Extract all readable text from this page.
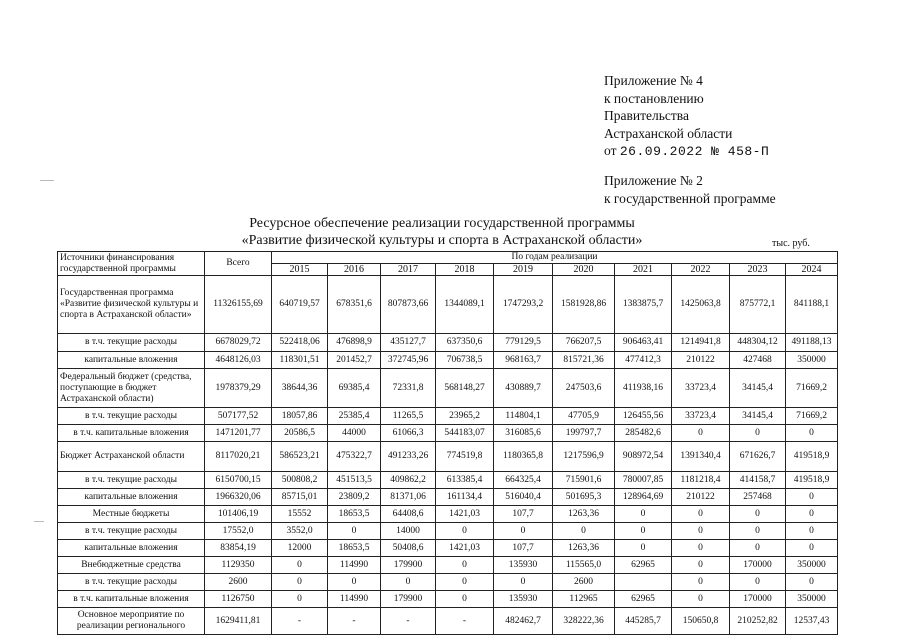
Приложение № 4
к постановлению
Правительства
Астраханской области
от 26.09.2022 № 458-П
Приложение № 2
к государственной программе
Ресурсное обеспечение реализации государственной программы
«Развитие физической культуры и спорта в Астраханской области»	тыс. руб.
Источники финансирования государственной программы	Всего	По годам реализации									
		2015	2016	2017	2018	2019	2020	2021	2022	2023	2024
Государственная программа «Развитие физической культуры и спорта в Астраханской области»	11326155,69	640719,57	678351,6	807873,66	1344089,1	1747293,2	1581928,86	1383875,7	1425063,8	875772,1	841188,1
в т.ч. текущие расходы	6678029,72	522418,06	476898,9	435127,7	637350,6	779129,5	766207,5	906463,41	1214941,8	448304,12	491188,13
капитальные вложения	4648126,03	118301,51	201452,7	372745,96	706738,5	968163,7	815721,36	477412,3	210122	427468	350000
Федеральный бюджет (средства, поступающие в бюджет Астраханской области)	1978379,29	38644,36	69385,4	72331,8	568148,27	430889,7	247503,6	411938,16	33723,4	34145,4	71669,2
в т.ч. текущие расходы	507177,52	18057,86	25385,4	11265,5	23965,2	114804,1	47705,9	126455,56	33723,4	34145,4	71669,2
в т.ч. капитальные вложения	1471201,77	20586,5	44000	61066,3	544183,07	316085,6	199797,7	285482,6	0	0	0
Бюджет Астраханской области	8117020,21	586523,21	475322,7	491233,26	774519,8	1180365,8	1217596,9	908972,54	1391340,4	671626,7	419518,9
в т.ч. текущие расходы	6150700,15	500808,2	451513,5	409862,2	613385,4	664325,4	715901,6	780007,85	1181218,4	414158,7	419518,9
капитальные вложения	1966320,06	85715,01	23809,2	81371,06	161134,4	516040,4	501695,3	128964,69	210122	257468	0
Местные бюджеты	101406,19	15552	18653,5	64408,6	1421,03	107,7	1263,36	0	0	0	0
в т.ч. текущие расходы	17552,0	3552,0	0	14000	0	0	0	0	0	0	0
капитальные вложения	83854,19	12000	18653,5	50408,6	1421,03	107,7	1263,36	0	0	0	0
Внебюджетные средства	1129350	0	114990	179900	0	135930	115565,0	62965	0	170000	350000
в т.ч. текущие расходы	2600	0	0	0	0	0	2600		0	0	0
в т.ч. капитальные вложения	1126750	0	114990	179900	0	135930	112965	62965	0	170000	350000
Основное мероприятие по реализации регионального	1629411,81	-	-	-	-	482462,7	328222,36	445285,7	150650,8	210252,82	12537,43
